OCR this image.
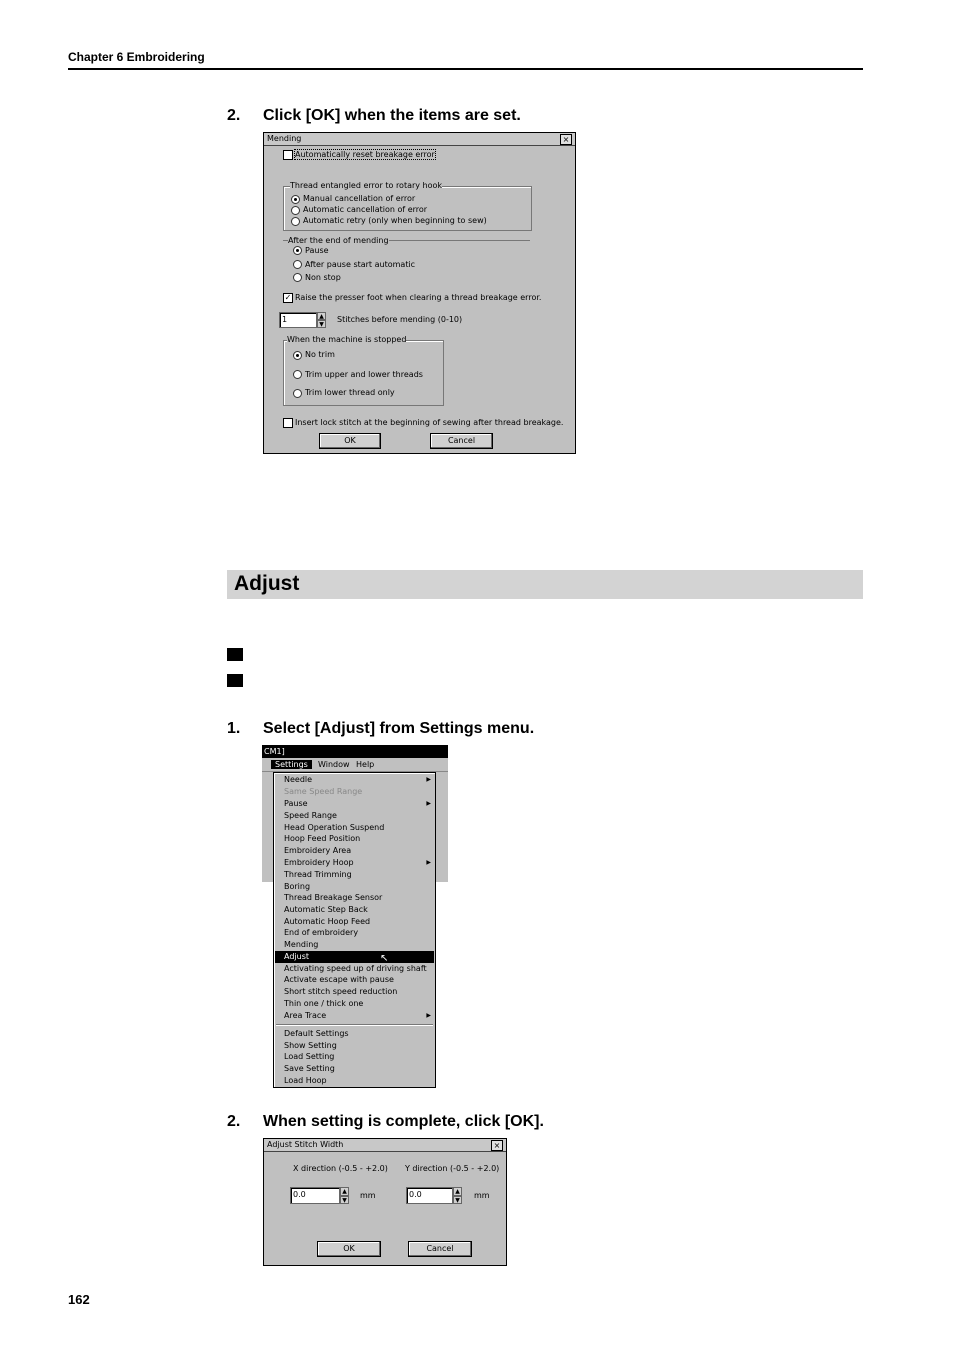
Chapter 6 Embroidering
2. Click [OK] when the items are set.
Mending	×
Automatically reset breakage error
Thread entangled error to rotary hook
Manual cancellation of error
Automatic cancellation of error
Automatic retry (only when beginning to sew)
After the end of mending
Pause
After pause start automatic
Non stop
✓ Raise the presser foot when clearing a thread breakage error.
1	▲
▼
Stitches before mending (0-10)
When the machine is stopped
No trim
Trim upper and lower threads
Trim lower thread only
Insert lock stitch at the beginning of sewing after thread breakage.
OK	Cancel
Adjust
1. Select [Adjust] from Settings menu.
CM1]
Settings	Window Help
Needle	▶
Same Speed Range
Pause	▶
Speed Range
Head Operation Suspend
Hoop Feed Position
Embroidery Area
Embroidery Hoop	▶
Thread Trimming
Boring
Thread Breakage Sensor
Automatic Step Back
Automatic Hoop Feed
End of embroidery
Mending
Adjust	↖
Activating speed up of driving shaft
Activate escape with pause
Short stitch speed reduction
Thin one / thick one
Area Trace	▶
Default Settings
Show Setting
Load Setting
Save Setting
Load Hoop
2. When setting is complete, click [OK].
Adjust Stitch Width	×
X direction (-0.5 - +2.0) Y direction (-0.5 - +2.0)
0.0	▲
▼
mm	0.0	▲
▼
mm
OK	Cancel
162
